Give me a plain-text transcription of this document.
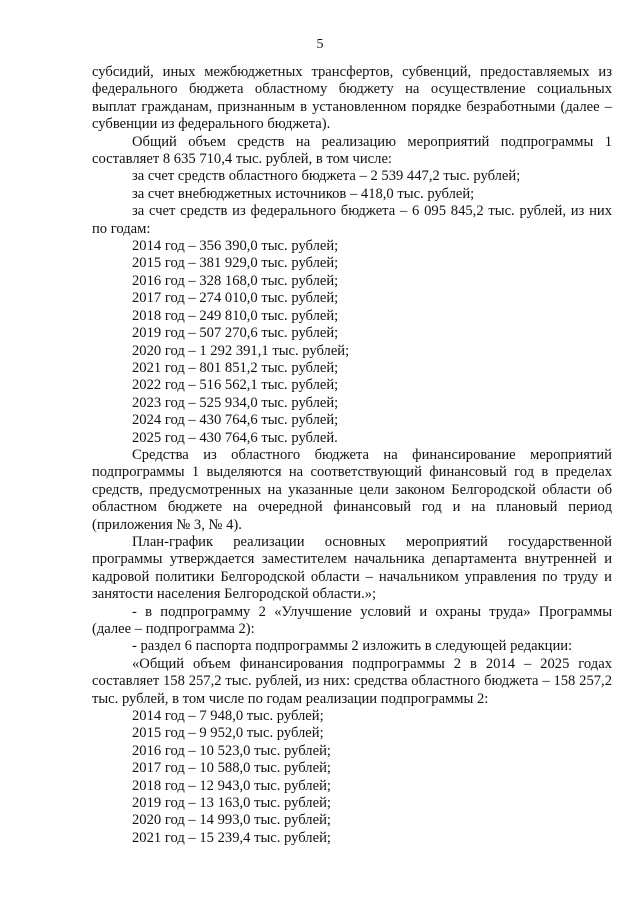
5

субсидий, иных межбюджетных трансфертов, субвенций, предоставляемых из федерального бюджета областному бюджету на осуществление социальных выплат гражданам, признанным в установленном порядке безработными (далее – субвенции из федерального бюджета).

Общий объем средств на реализацию мероприятий подпрограммы 1 составляет 8 635 710,4 тыс. рублей, в том числе:

за счет средств областного бюджета – 2 539 447,2 тыс. рублей;

за счет внебюджетных источников – 418,0 тыс. рублей;

за счет средств из федерального бюджета – 6 095 845,2 тыс. рублей, из них по годам:

2014 год – 356 390,0 тыс. рублей;

2015 год – 381 929,0 тыс. рублей;

2016 год – 328 168,0 тыс. рублей;

2017 год – 274 010,0 тыс. рублей;

2018 год – 249 810,0 тыс. рублей;

2019 год – 507 270,6 тыс. рублей;

2020 год – 1 292 391,1 тыс. рублей;

2021 год – 801 851,2 тыс. рублей;

2022 год – 516 562,1 тыс. рублей;

2023 год – 525 934,0 тыс. рублей;

2024 год – 430 764,6 тыс. рублей;

2025 год – 430 764,6 тыс. рублей.

Средства из областного бюджета на финансирование мероприятий подпрограммы 1 выделяются на соответствующий финансовый год в пределах средств, предусмотренных на указанные цели законом Белгородской области об областном бюджете на очередной финансовый год и на плановый период (приложения № 3, № 4).

План-график реализации основных мероприятий государственной программы утверждается заместителем начальника департамента внутренней и кадровой политики Белгородской области – начальником управления по труду и занятости населения Белгородской области.»;

- в подпрограмму 2 «Улучшение условий и охраны труда» Программы (далее – подпрограмма 2):

- раздел 6 паспорта подпрограммы 2 изложить в следующей редакции:

«Общий объем финансирования подпрограммы 2 в 2014 – 2025 годах составляет 158 257,2 тыс. рублей, из них: средства областного бюджета – 158 257,2 тыс. рублей, в том числе по годам реализации подпрограммы 2:

2014 год – 7 948,0 тыс. рублей;

2015 год – 9 952,0 тыс. рублей;

2016 год – 10 523,0 тыс. рублей;

2017 год – 10 588,0 тыс. рублей;

2018 год – 12 943,0 тыс. рублей;

2019 год – 13 163,0 тыс. рублей;

2020 год – 14 993,0 тыс. рублей;

2021 год – 15 239,4 тыс. рублей;
